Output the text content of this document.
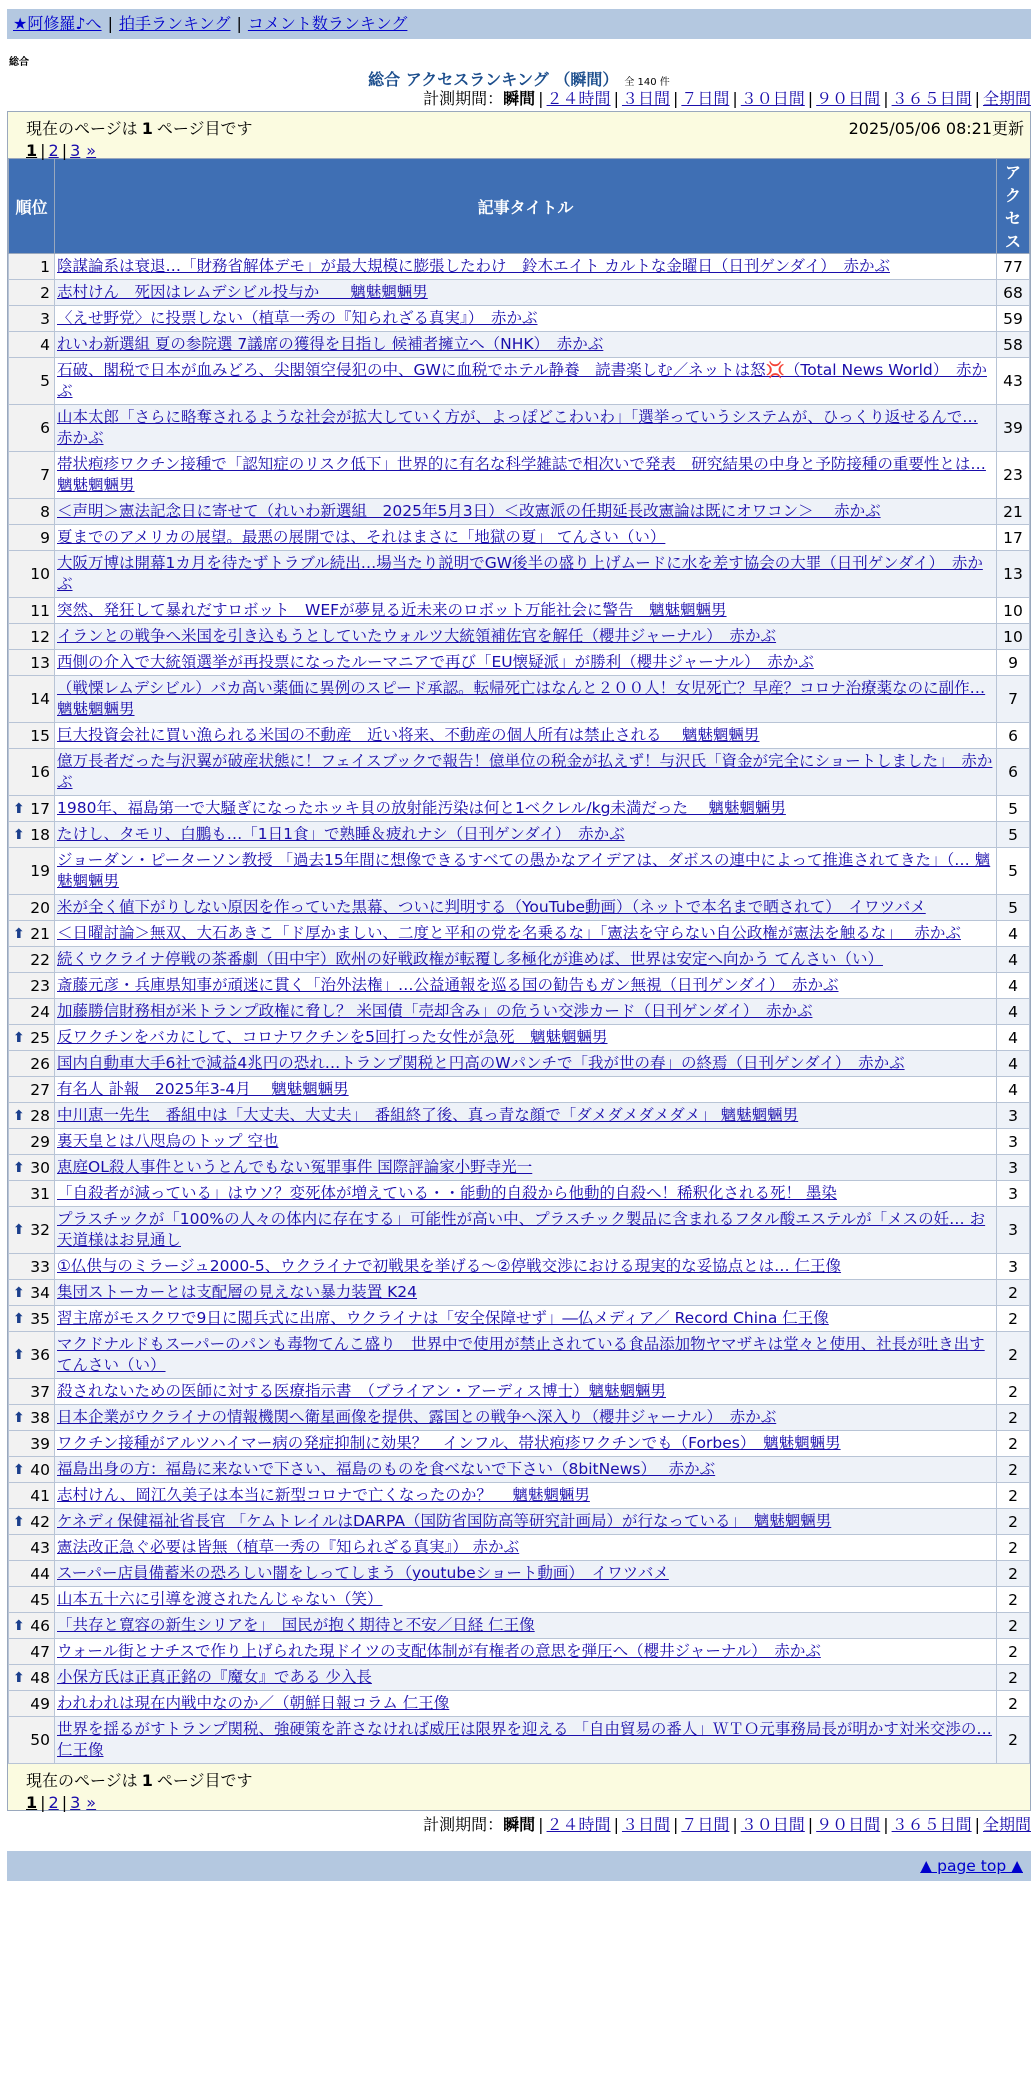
★阿修羅♪へ | 拍手ランキング | コメント数ランキング
総合
総合 アクセスランキング （瞬間） 全 140 件
計測期間：瞬間 | ２４時間 | ３日間 | ７日間 | ３０日間 | ９０日間 | ３６５日間 | 全期間
現在のページは 1 ページ目です	2025/05/06 08:21更新
1 | 2 | 3 »
順位	記事タイトル	アクセス
1	陰謀論系は衰退…「財務省解体デモ」が最大規模に膨張したわけ　鈴木エイト カルトな金曜日（日刊ゲンダイ）　赤かぶ	77
2	志村けん　死因はレムデシビル投与か　　魑魅魍魎男	68
3	〈えせ野党〉に投票しない（植草一秀の『知られざる真実』）　赤かぶ	59
4	れいわ新選組 夏の参院選 7議席の獲得を目指し 候補者擁立へ（NHK）　赤かぶ	58
5	石破、閣税で日本が血みどろ、尖閣領空侵犯の中、GWに血税でホテル静養　読書楽しむ／ネットは怒💢（Total News World）　赤かぶ	43
6	山本太郎「さらに略奪されるような社会が拡大していく方が、よっぽどこわいわ」「選挙っていうシステムが、ひっくり返せるんで… 赤かぶ	39
7	帯状疱疹ワクチン接種で「認知症のリスク低下」世界的に有名な科学雑誌で相次いで発表　研究結果の中身と予防接種の重要性とは… 魑魅魍魎男	23
8	＜声明＞憲法記念日に寄せて（れいわ新選組　2025年5月3日）＜改憲派の任期延長改憲論は既にオワコン＞　 赤かぶ	21
9	夏までのアメリカの展望。最悪の展開では、それはまさに「地獄の夏」 てんさい（い）	17
10	大阪万博は開幕1カ月を待たずトラブル続出…場当たり説明でGW後半の盛り上げムードに水を差す協会の大罪（日刊ゲンダイ）　赤かぶ	13
11	突然、発狂して暴れだすロボット　WEFが夢見る近未来のロボット万能社会に警告　魑魅魍魎男	10
12	イランとの戦争へ米国を引き込もうとしていたウォルツ大統領補佐官を解任（櫻井ジャーナル）　赤かぶ	10
13	西側の介入で大統領選挙が再投票になったルーマニアで再び「EU懐疑派」が勝利（櫻井ジャーナル）　赤かぶ	9
14	（戦慄レムデシビル）バカ高い薬価に異例のスピード承認。転帰死亡はなんと２００人！女児死亡？早産？コロナ治療薬なのに副作… 魑魅魍魎男	7
15	巨大投資会社に買い漁られる米国の不動産　近い将来、不動産の個人所有は禁止される　 魑魅魍魎男	6
16	億万長者だった与沢翼が破産状態に！フェイスブックで報告！億単位の税金が払えず！与沢氏「資金が完全にショートしました」　赤かぶ	6

⬆ 17	1980年、福島第一で大騒ぎになったホッキ貝の放射能汚染は何と1ベクレル/kg未満だった　 魑魅魍魎男	5

⬆ 18	たけし、タモリ、白鵬も…「1日1食」で熟睡＆疲れナシ（日刊ゲンダイ）　赤かぶ	5
19	ジョーダン・ピーターソン教授 「過去15年間に想像できるすべての愚かなアイデアは、ダボスの連中によって推進されてきた」（… 魑魅魍魎男	5
20	米が全く値下がりしない原因を作っていた黒幕、ついに判明する（YouTube動画）（ネットで本名まで晒されて）　イワツバメ	5

⬆ 21	＜日曜討論＞無双、大石あきこ「ド厚かましい、二度と平和の党を名乗るな」「憲法を守らない自公政権が憲法を触るな」　 赤かぶ	4
22	続くウクライナ停戦の茶番劇（田中宇）欧州の好戦政権が転覆し多極化が進めば、世界は安定へ向かう てんさい（い）	4
23	斎藤元彦・兵庫県知事が頑迷に貫く「治外法権」…公益通報を巡る国の勧告もガン無視（日刊ゲンダイ）　赤かぶ	4
24	加藤勝信財務相が米トランプ政権に脅し？ 米国債「売却含み」の危うい交渉カード（日刊ゲンダイ）　赤かぶ	4

⬆ 25	反ワクチンをバカにして、コロナワクチンを5回打った女性が急死　魑魅魍魎男	4
26	国内自動車大手6社で減益4兆円の恐れ…トランプ関税と円高のWパンチで「我が世の春」の終焉（日刊ゲンダイ）　赤かぶ	4
27	有名人 訃報　2025年3-4月　 魑魅魍魎男	4

⬆ 28	中川恵一先生　番組中は「大丈夫、大丈夫」　番組終了後、真っ青な顔で「ダメダメダメダメ」 魑魅魍魎男	3
29	裏天皇とは八咫烏のトップ 空也	3

⬆ 30	恵庭OL殺人事件というとんでもない冤罪事件 国際評論家小野寺光一	3
31	「自殺者が減っている」はウソ？変死体が増えている・・能動的自殺から他動的自殺へ！稀釈化される死！ 墨染	3

⬆ 32	プラスチックが「100%の人々の体内に存在する」可能性が高い中、プラスチック製品に含まれるフタル酸エステルが「メスの妊… お天道様はお見通し	3
33	①仏供与のミラージュ2000-5、ウクライナで初戦果を挙げる～②停戦交渉における現実的な妥協点とは… 仁王像	3

⬆ 34	集団ストーカーとは支配層の見えない暴力装置 K24	2

⬆ 35	習主席がモスクワで9日に閲兵式に出席、ウクライナは「安全保障せず」―仏メディア／ Record China 仁王像	2

⬆ 36	マクドナルドもスーパーのパンも毒物てんこ盛り　世界中で使用が禁止されている食品添加物ヤマザキは堂々と使用、社長が吐き出す てんさい（い）	2
37	殺されないための医師に対する医療指示書　（ブライアン・アーディス博士）魑魅魍魎男	2

⬆ 38	日本企業がウクライナの情報機関へ衛星画像を提供、露国との戦争へ深入り（櫻井ジャーナル）　赤かぶ	2
39	ワクチン接種がアルツハイマー病の発症抑制に効果？　インフル、帯状疱疹ワクチンでも（Forbes）　魑魅魍魎男	2

⬆ 40	福島出身の方：福島に来ないで下さい、福島のものを食べないで下さい（8bitNews）　 赤かぶ	2
41	志村けん、岡江久美子は本当に新型コロナで亡くなったのか？　 魑魅魍魎男	2

⬆ 42	ケネディ保健福祉省長官 「ケムトレイルはDARPA（国防省国防高等研究計画局）が行なっている」　魑魅魍魎男	2
43	憲法改正急ぐ必要は皆無（植草一秀の『知られざる真実』） 赤かぶ	2
44	スーパー店員備蓄米の恐ろしい闇をしってしまう（youtubeショート動画）　イワツバメ	2
45	山本五十六に引導を渡されたんじゃない（笑）	2

⬆ 46	「共存と寛容の新生シリアを」　国民が抱く期待と不安／日経 仁王像	2
47	ウォール街とナチスで作り上げられた現ドイツの支配体制が有権者の意思を弾圧へ（櫻井ジャーナル）　赤かぶ	2

⬆ 48	小保方氏は正真正銘の『魔女』である 少入長	2
49	われわれは現在内戦中なのか／（朝鮮日報コラム 仁王像	2
50	世界を揺るがすトランプ関税、強硬策を許さなければ威圧は限界を迎える 「自由貿易の番人」ＷＴＯ元事務局長が明かす対米交渉の… 仁王像	2
現在のページは 1 ページ目です
1 | 2 | 3 »
計測期間：瞬間 | ２４時間 | ３日間 | ７日間 | ３０日間 | ９０日間 | ３６５日間 | 全期間
▲ page top ▲
